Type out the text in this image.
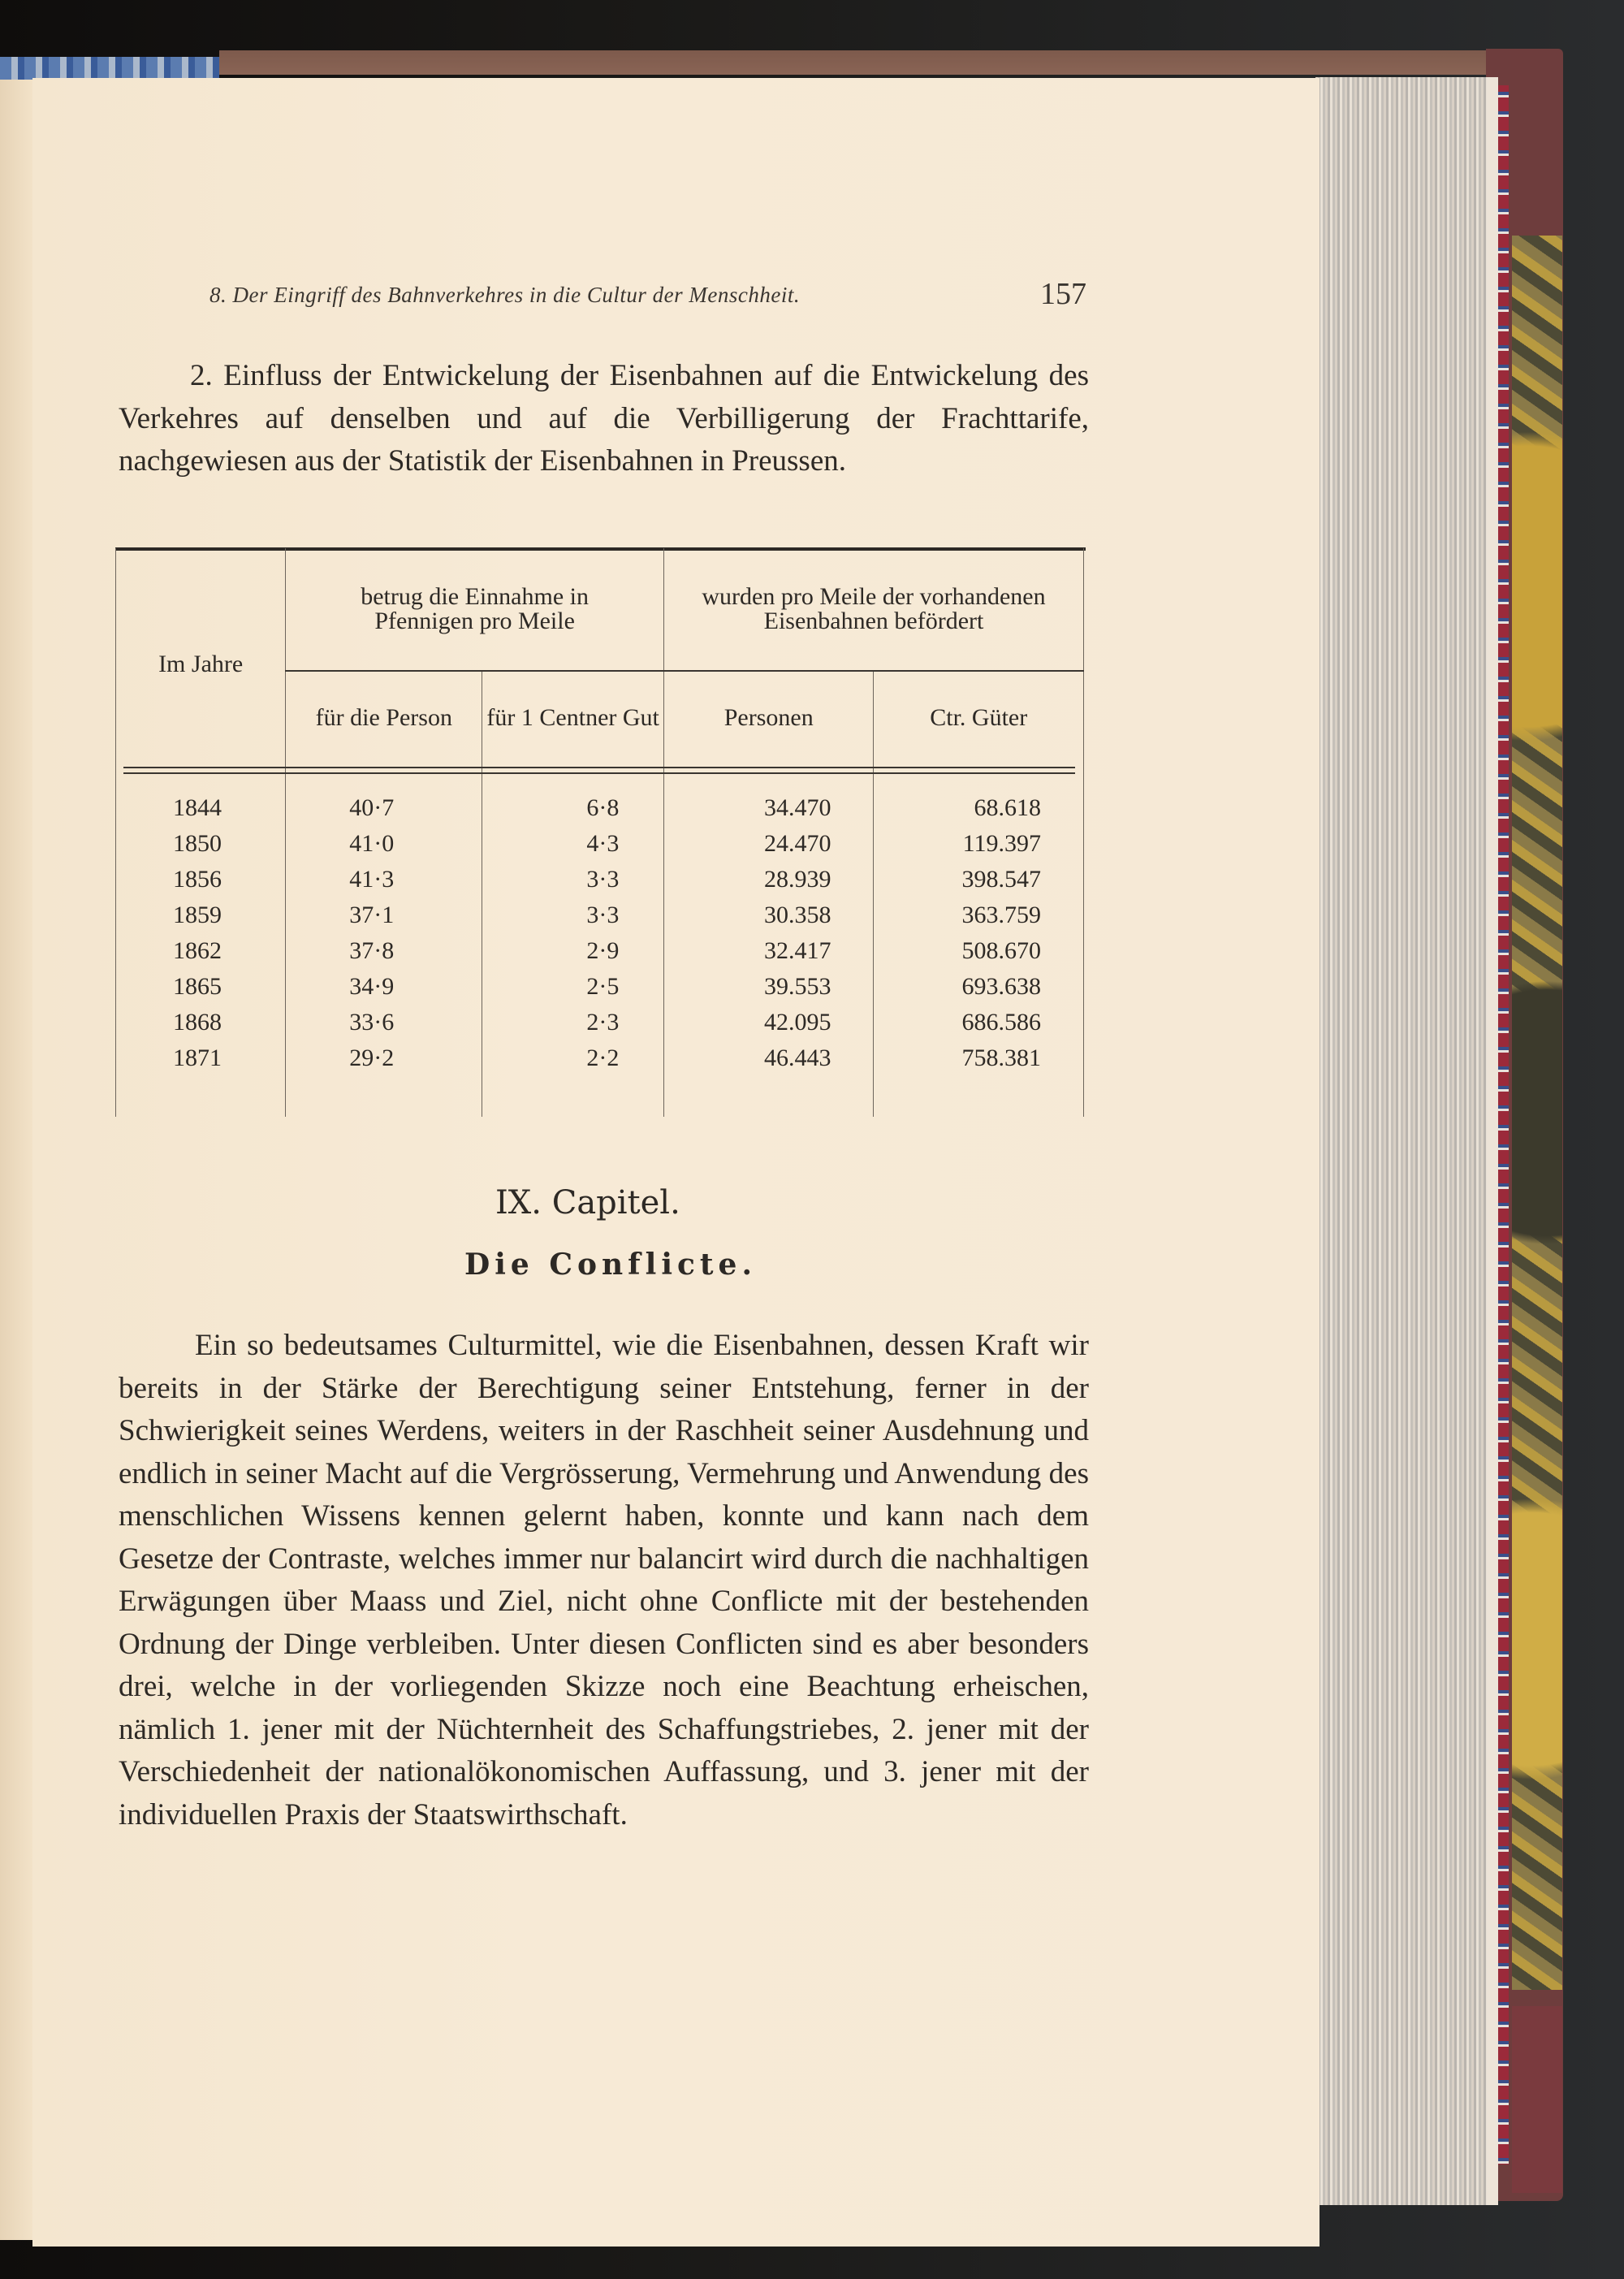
8. Der Eingriff des Bahnverkehres in die Cultur der Menschheit.	157

2. Einfluss der Entwickelung der Eisenbahnen auf die Entwickelung des Verkehres auf denselben und auf die Verbilligerung der Frachttarife, nachgewiesen aus der Statistik der Eisenbahnen in Preussen.

Im Jahre	betrug die Einnahme in Pfennigen pro Meile		wurden pro Meile der vorhandenen Eisenbahnen befördert	
	für die Person	für 1 Centner Gut	Personen	Ctr. Güter

1844	40·7	6·8	34.470	68.618
1850	41·0	4·3	24.470	119.397
1856	41·3	3·3	28.939	398.547
1859	37·1	3·3	30.358	363.759
1862	37·8	2·9	32.417	508.670
1865	34·9	2·5	39.553	693.638
1868	33·6	2·3	42.095	686.586
1871	29·2	2·2	46.443	758.381

IX. Capitel.
Die Conflicte.

Ein so bedeutsames Culturmittel, wie die Eisenbahnen, dessen Kraft wir bereits in der Stärke der Berechtigung seiner Entstehung, ferner in der Schwierigkeit seines Werdens, weiters in der Raschheit seiner Ausdehnung und endlich in seiner Macht auf die Vergrösserung, Vermehrung und Anwendung des menschlichen Wissens kennen gelernt haben, konnte und kann nach dem Gesetze der Contraste, welches immer nur balancirt wird durch die nachhaltigen Erwägungen über Maass und Ziel, nicht ohne Conflicte mit der bestehenden Ordnung der Dinge verbleiben. Unter diesen Conflicten sind es aber besonders drei, welche in der vorliegenden Skizze noch eine Beachtung erheischen, nämlich 1. jener mit der Nüchternheit des Schaffungstriebes, 2. jener mit der Verschiedenheit der nationalökonomischen Auffassung, und 3. jener mit der individuellen Praxis der Staatswirthschaft.
